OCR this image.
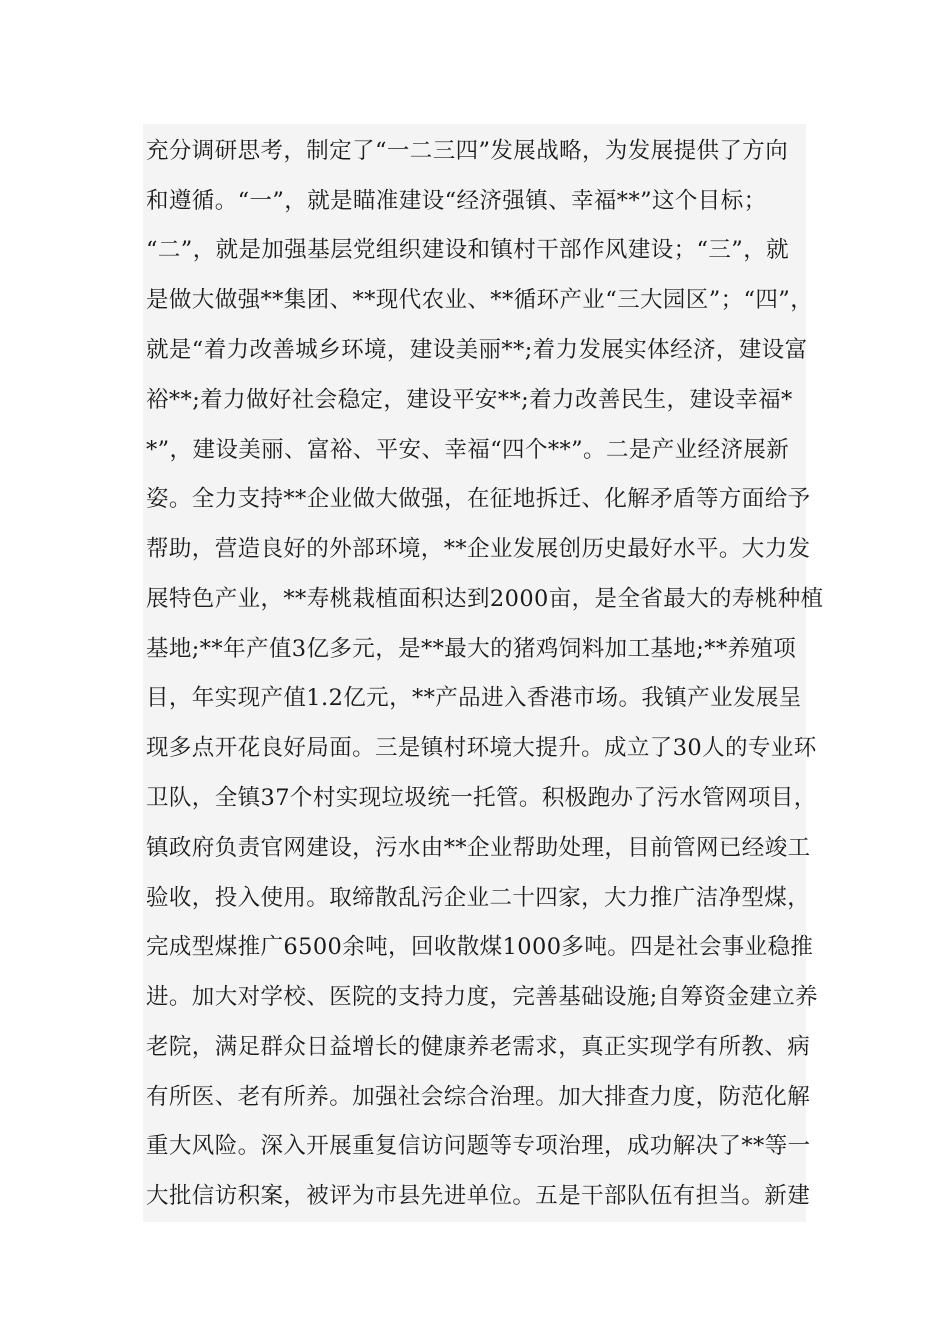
充分调研思考，制定了“一二三四”发展战略，为发展提供了方向
和遵循。“一”，就是瞄准建设“经济强镇、幸福**”这个目标；
“二”，就是加强基层党组织建设和镇村干部作风建设；“三”，就
是做大做强**集团、**现代农业、**循环产业“三大园区”；“四”，
就是“着力改善城乡环境，建设美丽**;着力发展实体经济，建设富
裕**;着力做好社会稳定，建设平安**;着力改善民生，建设幸福*
*”，建设美丽、富裕、平安、幸福“四个**”。二是产业经济展新
姿。全力支持**企业做大做强，在征地拆迁、化解矛盾等方面给予
帮助，营造良好的外部环境，**企业发展创历史最好水平。大力发
展特色产业，**寿桃栽植面积达到2000亩，是全省最大的寿桃种植
基地;**年产值3亿多元，是**最大的猪鸡饲料加工基地;**养殖项
目，年实现产值1.2亿元，**产品进入香港市场。我镇产业发展呈
现多点开花良好局面。三是镇村环境大提升。成立了30人的专业环
卫队，全镇37个村实现垃圾统一托管。积极跑办了污水管网项目，
镇政府负责官网建设，污水由**企业帮助处理，目前管网已经竣工
验收，投入使用。取缔散乱污企业二十四家，大力推广洁净型煤，
完成型煤推广6500余吨，回收散煤1000多吨。四是社会事业稳推
进。加大对学校、医院的支持力度，完善基础设施;自筹资金建立养
老院，满足群众日益增长的健康养老需求，真正实现学有所教、病
有所医、老有所养。加强社会综合治理。加大排查力度，防范化解
重大风险。深入开展重复信访问题等专项治理，成功解决了**等一
大批信访积案，被评为市县先进单位。五是干部队伍有担当。新建
